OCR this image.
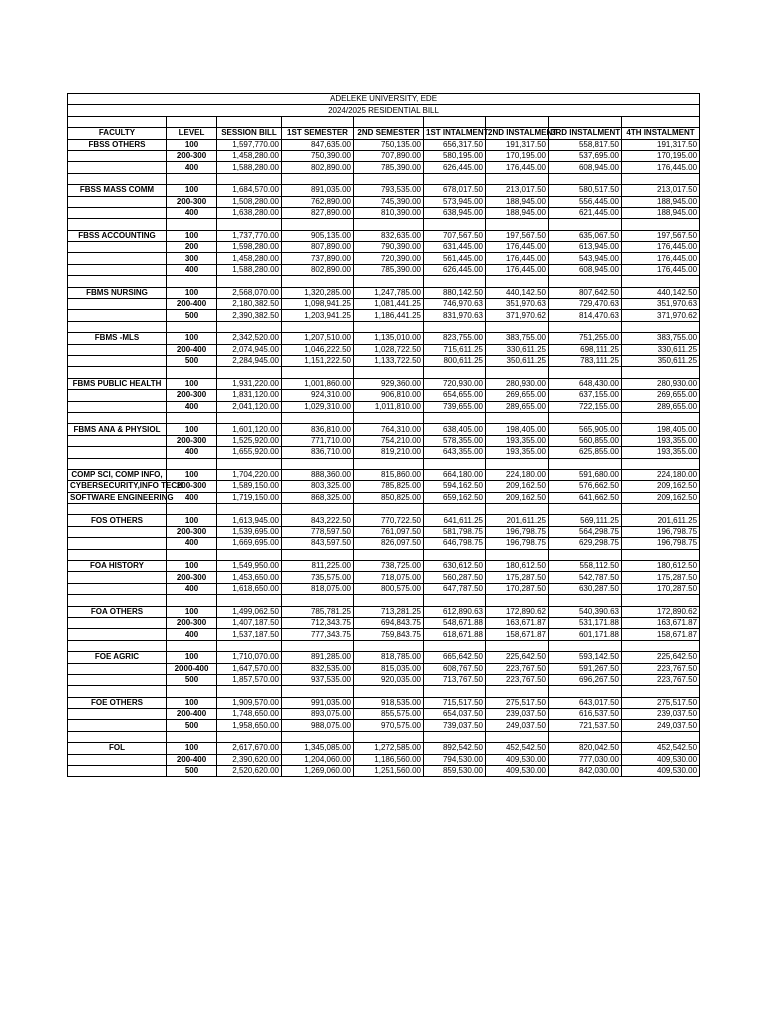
ADELEKE UNIVERSITY, EDE								
2024/2025 RESIDENTIAL BILL								

FACULTY	LEVEL	SESSION BILL	1ST SEMESTER	2ND SEMESTER	1ST INTALMENT	2ND INSTALMENT	3RD INSTALMENT	4TH INSTALMENT
FBSS OTHERS	100	1,597,770.00	847,635.00	750,135.00	656,317.50	191,317.50	558,817.50	191,317.50
	200-300	1,458,280.00	750,390.00	707,890.00	580,195.00	170,195.00	537,695.00	170,195.00
	400	1,588,280.00	802,890.00	785,390.00	626,445.00	176,445.00	608,945.00	176,445.00

FBSS MASS COMM	100	1,684,570.00	891,035.00	793,535.00	678,017.50	213,017.50	580,517.50	213,017.50
	200-300	1,508,280.00	762,890.00	745,390.00	573,945.00	188,945.00	556,445.00	188,945.00
	400	1,638,280.00	827,890.00	810,390.00	638,945.00	188,945.00	621,445.00	188,945.00

FBSS ACCOUNTING	100	1,737,770.00	905,135.00	832,635.00	707,567.50	197,567.50	635,067.50	197,567.50
	200	1,598,280.00	807,890.00	790,390.00	631,445.00	176,445.00	613,945.00	176,445.00
	300	1,458,280.00	737,890.00	720,390.00	561,445.00	176,445.00	543,945.00	176,445.00
	400	1,588,280.00	802,890.00	785,390.00	626,445.00	176,445.00	608,945.00	176,445.00

FBMS NURSING	100	2,568,070.00	1,320,285.00	1,247,785.00	880,142.50	440,142.50	807,642.50	440,142.50
	200-400	2,180,382.50	1,098,941.25	1,081,441.25	746,970.63	351,970.63	729,470.63	351,970.63
	500	2,390,382.50	1,203,941.25	1,186,441.25	831,970.63	371,970.62	814,470.63	371,970.62

FBMS -MLS	100	2,342,520.00	1,207,510.00	1,135,010.00	823,755.00	383,755.00	751,255.00	383,755.00
	200-400	2,074,945.00	1,046,222.50	1,028,722.50	715,611.25	330,611.25	698,111.25	330,611.25
	500	2,284,945.00	1,151,222.50	1,133,722.50	800,611.25	350,611.25	783,111.25	350,611.25

FBMS PUBLIC HEALTH	100	1,931,220.00	1,001,860.00	929,360.00	720,930.00	280,930.00	648,430.00	280,930.00
	200-300	1,831,120.00	924,310.00	906,810.00	654,655.00	269,655.00	637,155.00	269,655.00
	400	2,041,120.00	1,029,310.00	1,011,810.00	739,655.00	289,655.00	722,155.00	289,655.00

FBMS ANA & PHYSIOL	100	1,601,120.00	836,810.00	764,310.00	638,405.00	198,405.00	565,905.00	198,405.00
	200-300	1,525,920.00	771,710.00	754,210.00	578,355.00	193,355.00	560,855.00	193,355.00
	400	1,655,920.00	836,710.00	819,210.00	643,355.00	193,355.00	625,855.00	193,355.00

COMP SCI, COMP INFO,	100	1,704,220.00	888,360.00	815,860.00	664,180.00	224,180.00	591,680.00	224,180.00
CYBERSECURITY,INFO TECH	200-300	1,589,150.00	803,325.00	785,825.00	594,162.50	209,162.50	576,662.50	209,162.50
SOFTWARE ENGINEERING	400	1,719,150.00	868,325.00	850,825.00	659,162.50	209,162.50	641,662.50	209,162.50

FOS OTHERS	100	1,613,945.00	843,222.50	770,722.50	641,611.25	201,611.25	569,111.25	201,611.25
	200-300	1,539,695.00	778,597.50	761,097.50	581,798.75	196,798.75	564,298.75	196,798.75
	400	1,669,695.00	843,597.50	826,097.50	646,798.75	196,798.75	629,298.75	196,798.75

FOA HISTORY	100	1,549,950.00	811,225.00	738,725.00	630,612.50	180,612.50	558,112.50	180,612.50
	200-300	1,453,650.00	735,575.00	718,075.00	560,287.50	175,287.50	542,787.50	175,287.50
	400	1,618,650.00	818,075.00	800,575.00	647,787.50	170,287.50	630,287.50	170,287.50

FOA OTHERS	100	1,499,062.50	785,781.25	713,281.25	612,890.63	172,890.62	540,390.63	172,890.62
	200-300	1,407,187.50	712,343.75	694,843.75	548,671.88	163,671.87	531,171.88	163,671.87
	400	1,537,187.50	777,343.75	759,843.75	618,671.88	158,671.87	601,171.88	158,671.87

FOE AGRIC	100	1,710,070.00	891,285.00	818,785.00	665,642.50	225,642.50	593,142.50	225,642.50
	2000-400	1,647,570.00	832,535.00	815,035.00	608,767.50	223,767.50	591,267.50	223,767.50
	500	1,857,570.00	937,535.00	920,035.00	713,767.50	223,767.50	696,267.50	223,767.50

FOE OTHERS	100	1,909,570.00	991,035.00	918,535.00	715,517.50	275,517.50	643,017.50	275,517.50
	200-400	1,748,650.00	893,075.00	855,575.00	654,037.50	239,037.50	616,537.50	239,037.50
	500	1,958,650.00	988,075.00	970,575.00	739,037.50	249,037.50	721,537.50	249,037.50

FOL	100	2,617,670.00	1,345,085.00	1,272,585.00	892,542.50	452,542.50	820,042.50	452,542.50
	200-400	2,390,620.00	1,204,060.00	1,186,560.00	794,530.00	409,530.00	777,030.00	409,530.00
	500	2,520,620.00	1,269,060.00	1,251,560.00	859,530.00	409,530.00	842,030.00	409,530.00
